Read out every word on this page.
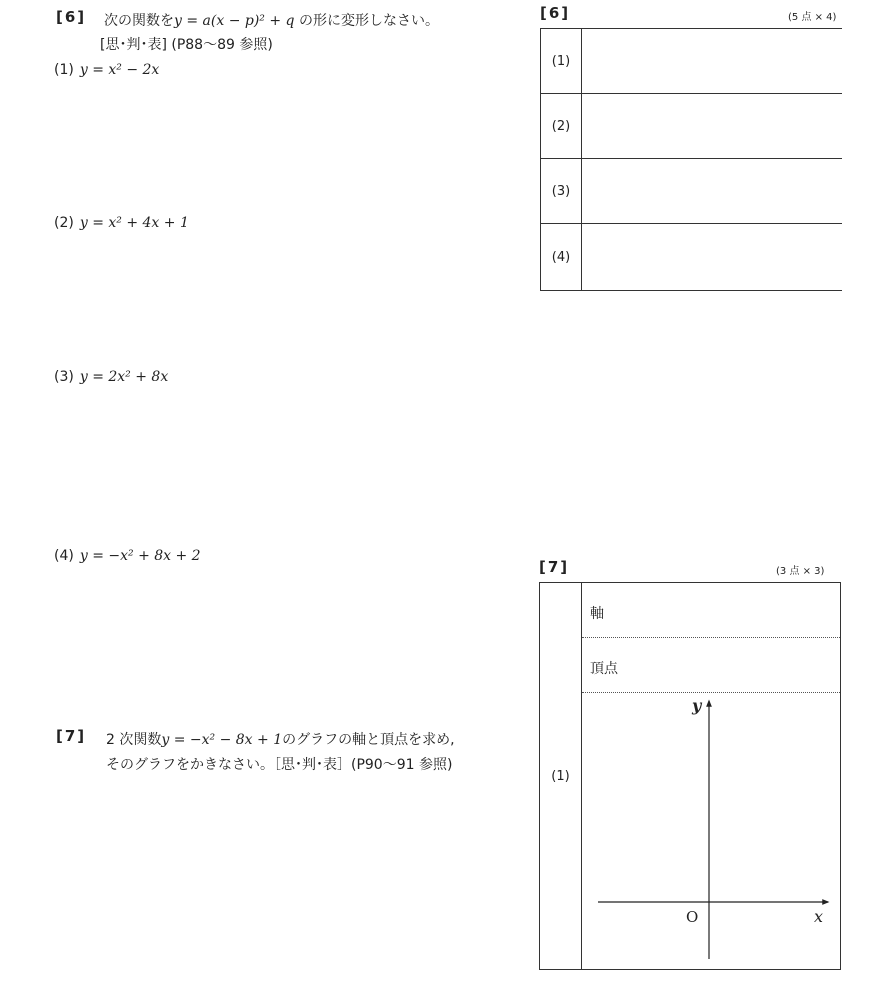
[6] 次の関数をy = a(x − p)² + q の形に変形しなさい。
[思･判･表] (P88〜89 参照)
(1) y = x² − 2x
(2) y = x² + 4x + 1
(3) y = 2x² + 8x
(4) y = −x² + 8x + 2
[7] 2 次関数y = −x² − 8x + 1のグラフの軸と頂点を求め,
そのグラフをかきなさい。［思･判･表］(P90〜91 参照)
[6]	(5 点 × 4)
(1)
(2)
(3)
(4)
[7]	(3 点 × 3)
(1)
軸
頂点
x
y
O
